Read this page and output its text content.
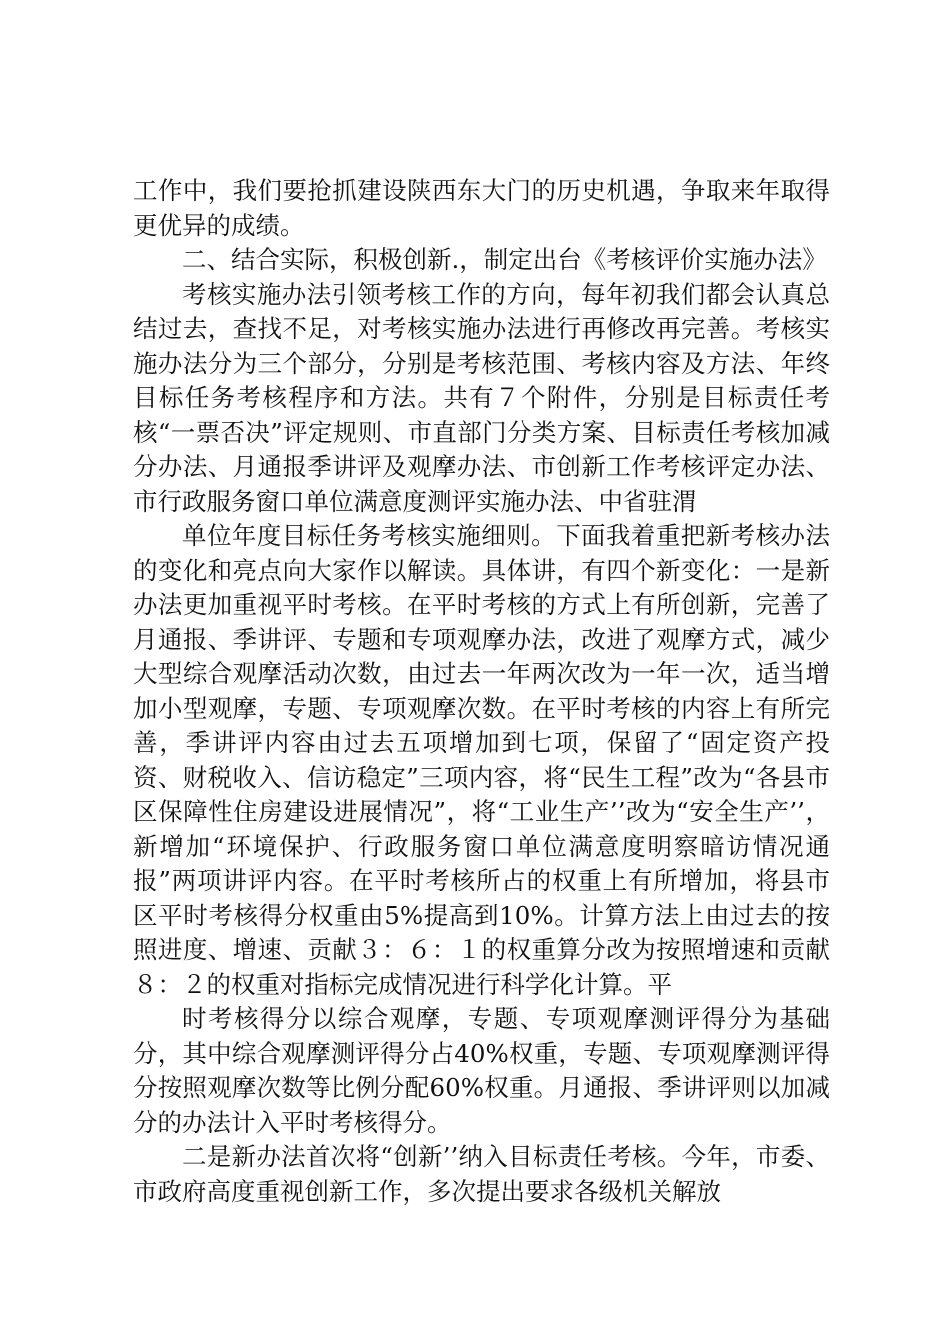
工作中，我们要抢抓建设陕西东大门的历史机遇，争取来年取得更优异的成绩。

二、结合实际，积极创新.，制定出台《考核评价实施办法》

考核实施办法引领考核工作的方向，每年初我们都会认真总结过去，查找不足，对考核实施办法进行再修改再完善。考核实施办法分为三个部分，分别是考核范围、考核内容及方法、年终目标任务考核程序和方法。共有７个附件，分别是目标责任考核“一票否决”评定规则、市直部门分类方案、目标责任考核加减分办法、月通报季讲评及观摩办法、市创新工作考核评定办法、市行政服务窗口单位满意度测评实施办法、中省驻渭

单位年度目标任务考核实施细则。下面我着重把新考核办法的变化和亮点向大家作以解读。具体讲，有四个新变化：一是新办法更加重视平时考核。在平时考核的方式上有所创新，完善了月通报、季讲评、专题和专项观摩办法，改进了观摩方式，减少大型综合观摩活动次数，由过去一年两次改为一年一次，适当增加小型观摩，专题、专项观摩次数。在平时考核的内容上有所完善，季讲评内容由过去五项增加到七项，保留了“固定资产投资、财税收入、信访稳定”三项内容，将“民生工程”改为“各县市区保障性住房建设进展情况”，将“工业生产’’改为“安全生产’’，新增加“环境保护、行政服务窗口单位满意度明察暗访情况通报”两项讲评内容。在平时考核所占的权重上有所增加，将县市区平时考核得分权重由5%提高到10%。计算方法上由过去的按照进度、增速、贡献３：６：１的权重算分改为按照增速和贡献８：２的权重对指标完成情况进行科学化计算。平

时考核得分以综合观摩，专题、专项观摩测评得分为基础分，其中综合观摩测评得分占40%权重，专题、专项观摩测评得分按照观摩次数等比例分配60%权重。月通报、季讲评则以加减分的办法计入平时考核得分。

二是新办法首次将“创新’’纳入目标责任考核。今年，市委、市政府高度重视创新工作，多次提出要求各级机关解放
